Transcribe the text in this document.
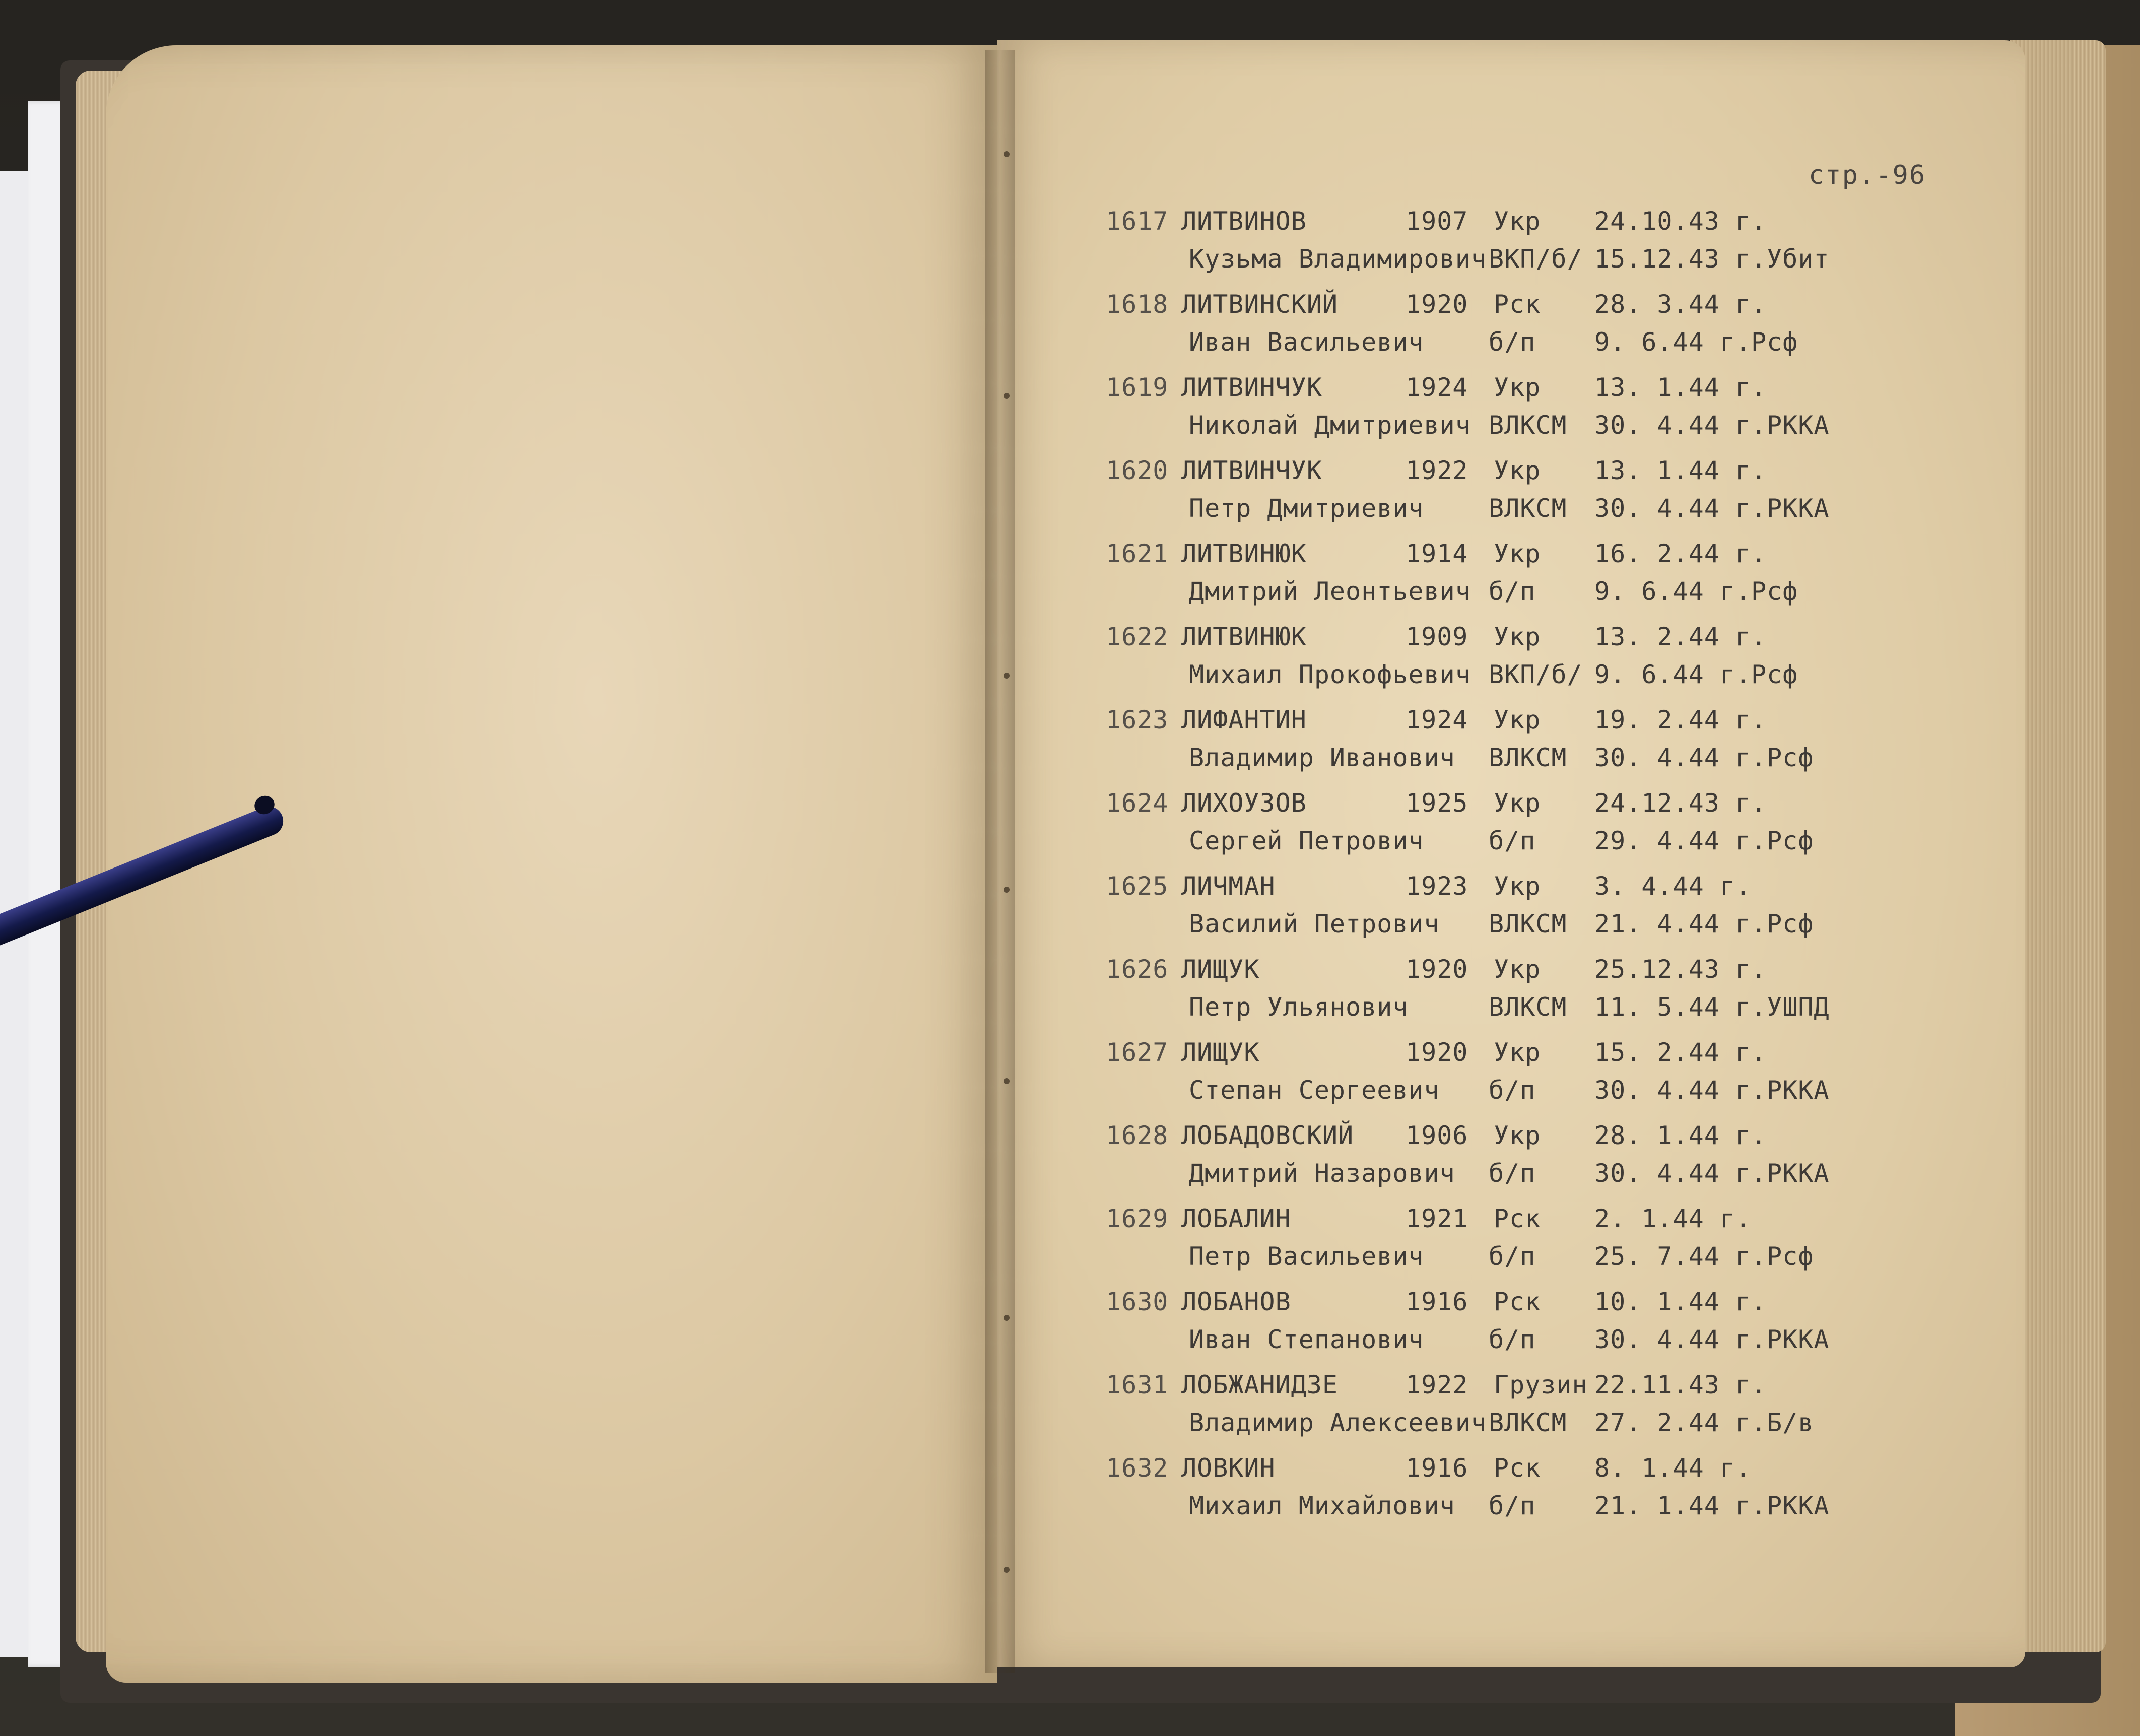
стр.-96
1617 ЛИТВИНОВ	1907 Укр 24.10.43 г.
Кузьма Владимирович ВКП/б/ 15.12.43 г.Убит
1618 ЛИТВИНСКИЙ	1920 Рск 28. 3.44 г.
Иван Васильевич	б/п 9. 6.44 г.Рсф
1619 ЛИТВИНЧУК	1924 Укр 13. 1.44 г.
Николай Дмитриевич ВЛКСМ 30. 4.44 г.РККА
1620 ЛИТВИНЧУК	1922 Укр 13. 1.44 г.
Петр Дмитриевич	ВЛКСМ 30. 4.44 г.РККА
1621 ЛИТВИНЮК	1914 Укр 16. 2.44 г.
Дмитрий Леонтьевич б/п 9. 6.44 г.Рсф
1622 ЛИТВИНЮК	1909 Укр 13. 2.44 г.
Михаил Прокофьевич ВКП/б/ 9. 6.44 г.Рсф
1623 ЛИФАНТИН	1924 Укр 19. 2.44 г.
Владимир Иванович ВЛКСМ 30. 4.44 г.Рсф
1624 ЛИХОУЗОВ	1925 Укр 24.12.43 г.
Сергей Петрович	б/п 29. 4.44 г.Рсф
1625 ЛИЧМАН	1923 Укр 3. 4.44 г.
Василий Петрович ВЛКСМ 21. 4.44 г.Рсф
1626 ЛИЩУК	1920 Укр 25.12.43 г.
Петр Ульянович	ВЛКСМ 11. 5.44 г.УШПД
1627 ЛИЩУК	1920 Укр 15. 2.44 г.
Степан Сергеевич б/п 30. 4.44 г.РККА
1628 ЛОБАДОВСКИЙ 1906 Укр 28. 1.44 г.
Дмитрий Назарович б/п 30. 4.44 г.РККА
1629 ЛОБАЛИН	1921 Рск 2. 1.44 г.
Петр Васильевич	б/п 25. 7.44 г.Рсф
1630 ЛОБАНОВ	1916 Рск 10. 1.44 г.
Иван Степанович	б/п 30. 4.44 г.РККА
1631 ЛОБЖАНИДЗЕ	1922 Грузин 22.11.43 г.
Владимир Алексеевич ВЛКСМ 27. 2.44 г.Б/в
1632 ЛОВКИН	1916 Рск 8. 1.44 г.
Михаил Михайлович б/п 21. 1.44 г.РККА
